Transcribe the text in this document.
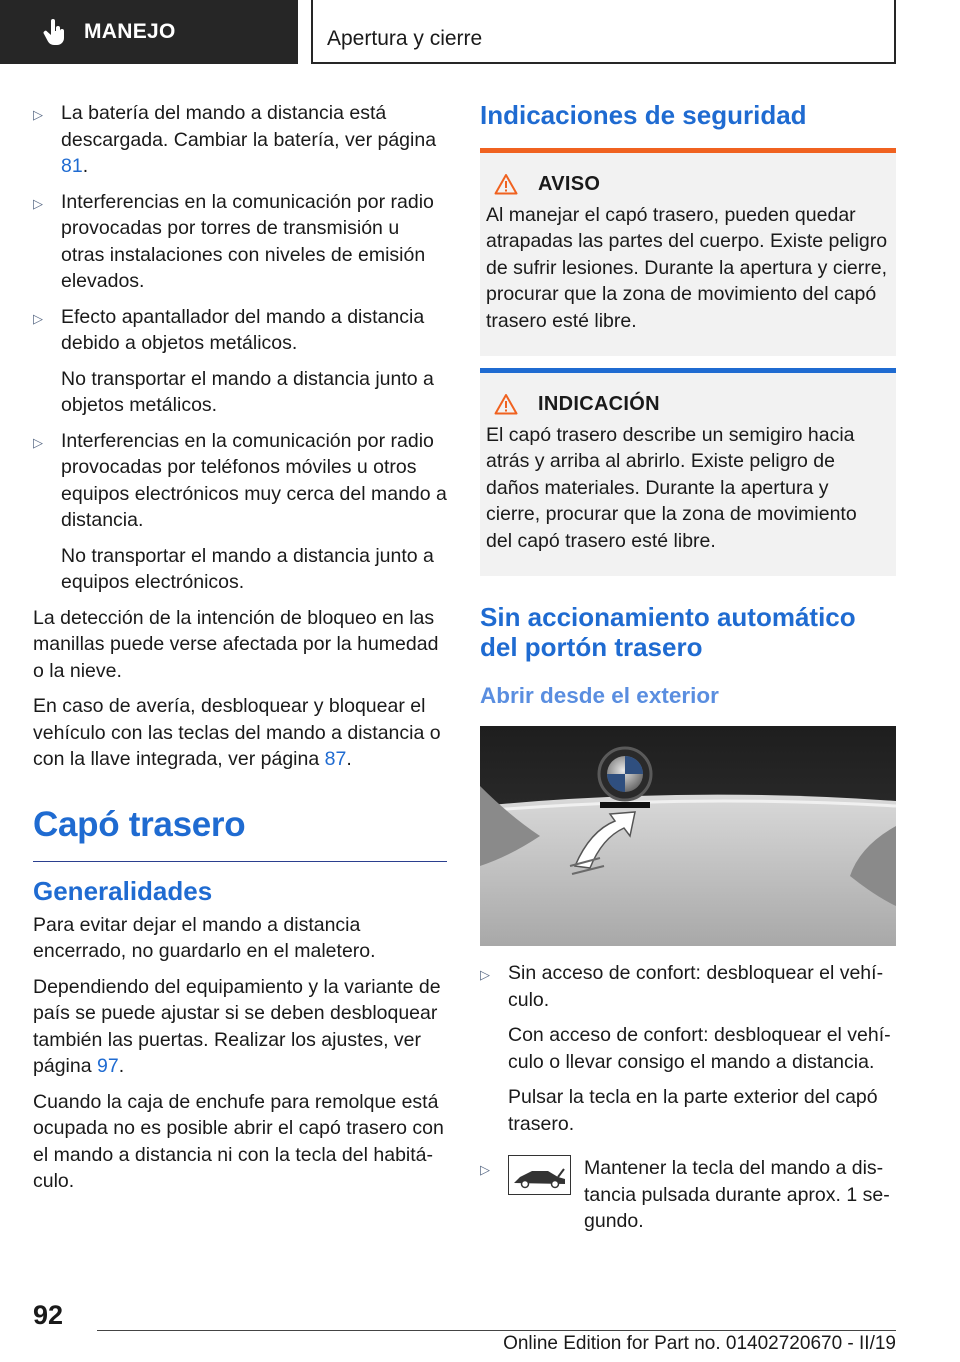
MANEJO	Apertura y cierre
▷ La batería del mando a distancia está descargada. Cambiar la batería, ver página 81.

▷ Interferencias en la comunicación por radio provocadas por torres de transmisión u otras instalaciones con niveles de emisión elevados.

▷ Efecto apantallador del mando a distancia debido a objetos metálicos.

No transportar el mando a distancia junto a objetos metálicos.

▷ Interferencias en la comunicación por radio provocadas por teléfonos móviles u otros equipos electrónicos muy cerca del mando a distancia.

No transportar el mando a distancia junto a equipos electrónicos.

La detección de la intención de bloqueo en las manillas puede verse afectada por la humedad o la nieve.

En caso de avería, desbloquear y bloquear el vehículo con las teclas del mando a distancia o con la llave integrada, ver página 87.

Capó trasero
Generalidades

Para evitar dejar el mando a distancia encerrado, no guardarlo en el maletero.

Dependiendo del equipamiento y la variante de país se puede ajustar si se deben desbloquear también las puertas. Realizar los ajustes, ver página 97.

Cuando la caja de enchufe para remolque está ocupada no es posible abrir el capó trasero con el mando a distancia ni con la tecla del habitáculo.

Indicaciones de seguridad
AVISO

Al manejar el capó trasero, pueden quedar atrapadas las partes del cuerpo. Existe peligro de sufrir lesiones. Durante la apertura y cierre, procurar que la zona de movimiento del capó trasero esté libre.

INDICACIÓN

El capó trasero describe un semigiro hacia atrás y arriba al abrirlo. Existe peligro de daños materiales. Durante la apertura y cierre, procurar que la zona de movimiento del capó trasero esté libre.

Sin accionamiento automático del portón trasero
Abrir desde el exterior
▷ Sin acceso de confort: desbloquear el vehículo.

Con acceso de confort: desbloquear el vehículo o llevar consigo el mando a distancia.

Pulsar la tecla en la parte exterior del capó trasero.

▷	Mantener la tecla del mando a distancia pulsada durante aprox. 1 segundo.

92
Online Edition for Part no. 01402720670 - II/19
